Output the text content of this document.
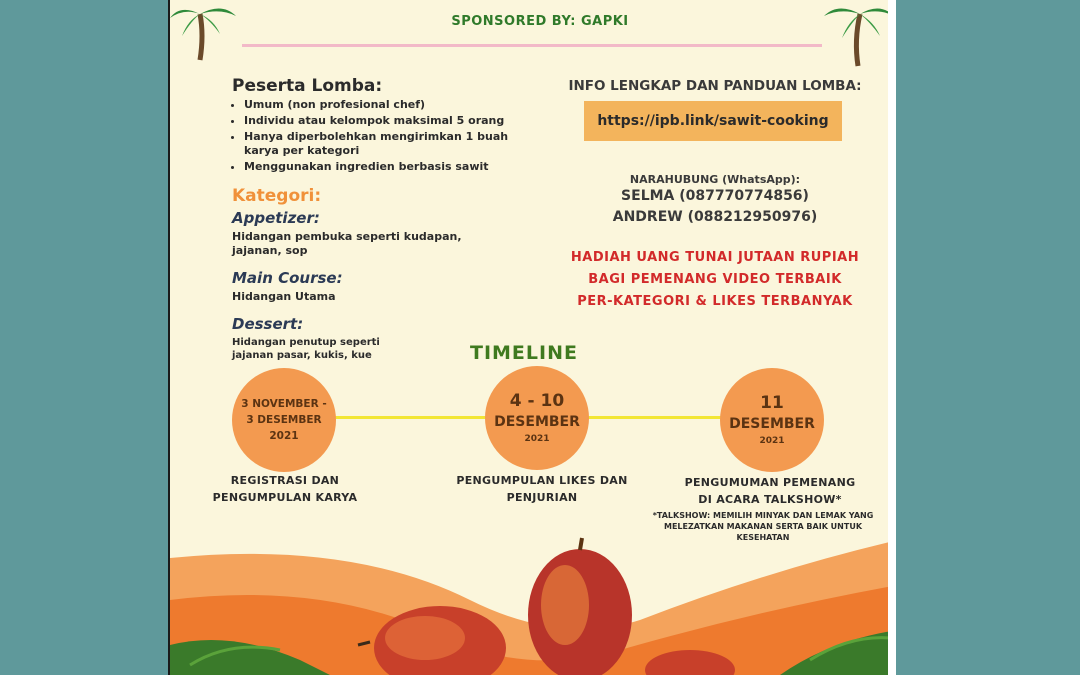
SPONSORED BY: GAPKI
Peserta Lomba:
• Umum (non profesional chef)
• Individu atau kelompok maksimal 5 orang
• Hanya diperbolehkan mengirimkan 1 buah karya per kategori
• Menggunakan ingredien berbasis sawit
Kategori:
Appetizer:
Hidangan pembuka seperti kudapan, jajanan, sop
Main Course:
Hidangan Utama
Dessert:
Hidangan penutup seperti jajanan pasar, kukis, kue
INFO LENGKAP DAN PANDUAN LOMBA:
https://ipb.link/sawit-cooking
NARAHUBUNG (WhatsApp):
SELMA (087770774856)
ANDREW (088212950976)
HADIAH UANG TUNAI JUTAAN RUPIAH
BAGI PEMENANG VIDEO TERBAIK
PER-KATEGORI & LIKES TERBANYAK
TIMELINE
3 NOVEMBER -
3 DESEMBER
2021
4 - 10
DESEMBER
2021
11
DESEMBER
2021
REGISTRASI DAN
PENGUMPULAN KARYA
PENGUMPULAN LIKES DAN
PENJURIAN
PENGUMUMAN PEMENANG
DI ACARA TALKSHOW*
*TALKSHOW: MEMILIH MINYAK DAN LEMAK YANG MELEZATKAN MAKANAN SERTA BAIK UNTUK KESEHATAN
